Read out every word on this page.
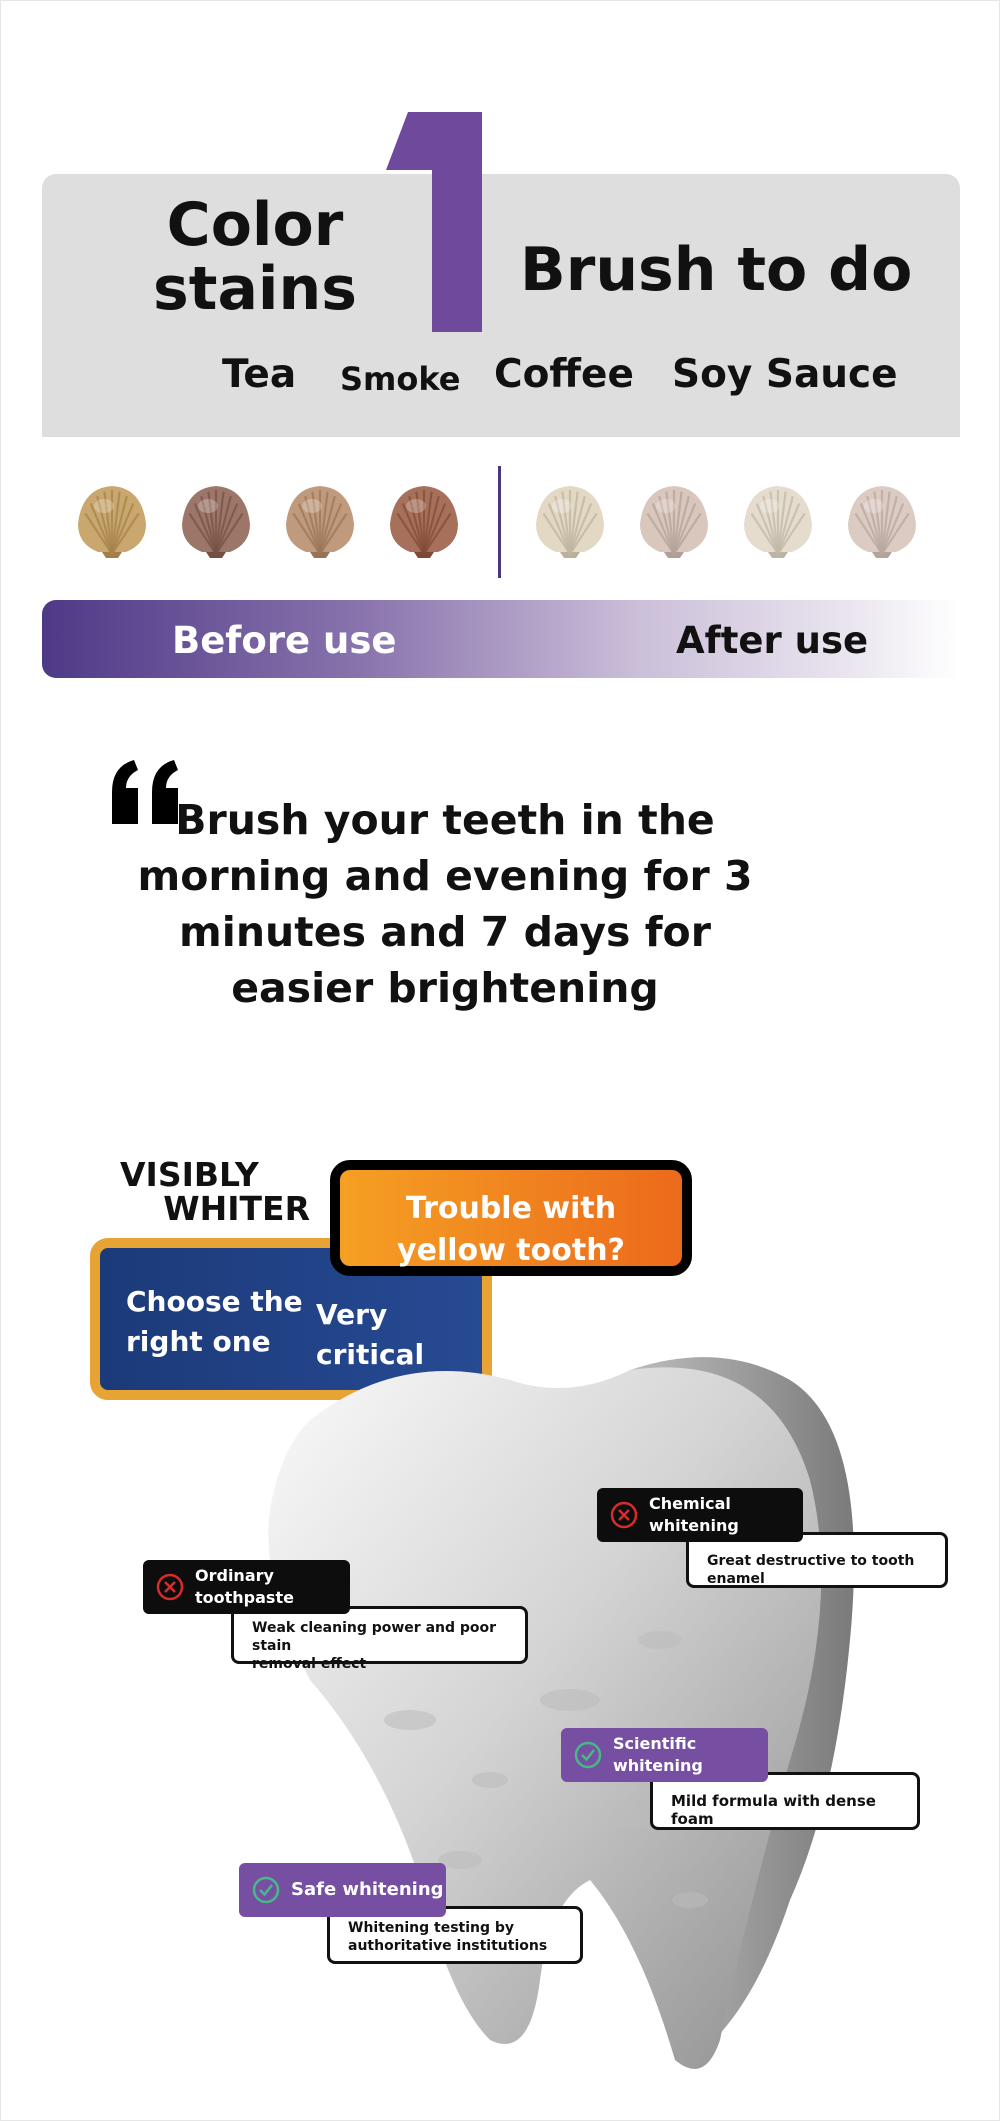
Color stains	Brush to do
Tea Smoke Coffee Soy Sauce
Before use	After use
Brush your teeth in the morning and evening for 3 minutes and 7 days for easier brightening
VISIBLY
WHITER
Choose the
right one
Very
critical
Trouble with
yellow tooth?
Great destructive to tooth enamel
Chemical
whitening
Weak cleaning power and poor stain
removal effect
Ordinary
toothpaste
Mild formula with dense foam
Scientific
whitening
Whitening testing by
authoritative institutions
Safe whitening
